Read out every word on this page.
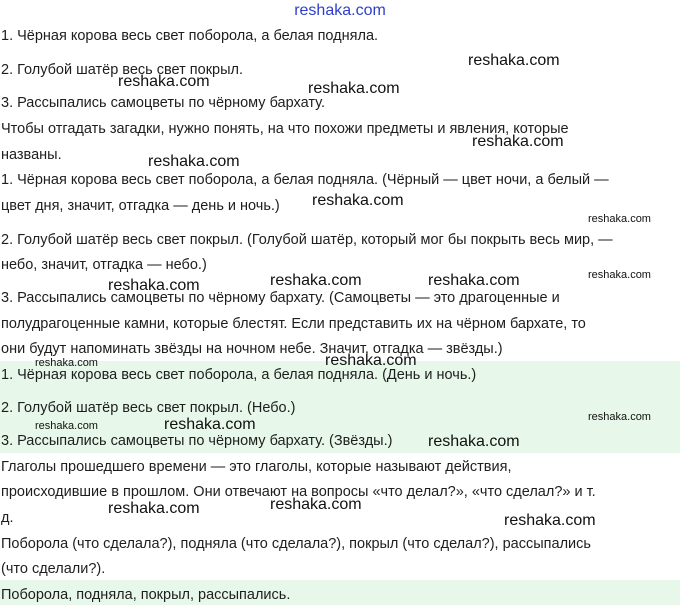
reshaka.com
1. Чёрная корова весь свет поборола, а белая подняла.
2. Голубой шатёр весь свет покрыл.
3. Рассыпались самоцветы по чёрному бархату.
Чтобы отгадать загадки, нужно понять, на что похожи предметы и явления, которые
названы.
1. Чёрная корова весь свет поборола, а белая подняла. (Чёрный — цвет ночи, а белый —
цвет дня, значит, отгадка — день и ночь.)
2. Голубой шатёр весь свет покрыл. (Голубой шатёр, который мог бы покрыть весь мир, —
небо, значит, отгадка — небо.)
3. Рассыпались самоцветы по чёрному бархату. (Самоцветы — это драгоценные и
полудрагоценные камни, которые блестят. Если представить их на чёрном бархате, то
они будут напоминать звёзды на ночном небе. Значит, отгадка — звёзды.)
1. Чёрная корова весь свет поборола, а белая подняла. (День и ночь.)
2. Голубой шатёр весь свет покрыл. (Небо.)
3. Рассыпались самоцветы по чёрному бархату. (Звёзды.)
Глаголы прошедшего времени — это глаголы, которые называют действия,
происходившие в прошлом. Они отвечают на вопросы «что делал?», «что сделал?» и т.
д.
Поборола (что сделала?), подняла (что сделала?), покрыл (что сделал?), рассыпались
(что сделали?).
Поборола, подняла, покрыл, рассыпались.
reshaka.com
reshaka.com	reshaka.com
reshaka.com
reshaka.com
reshaka.com
reshaka.com
reshaka.com	reshaka.com	reshaka.com
reshaka.com
reshaka.com	reshaka.com
reshaka.com
reshaka.com
reshaka.com
reshaka.com
reshaka.com	reshaka.com
reshaka.com
